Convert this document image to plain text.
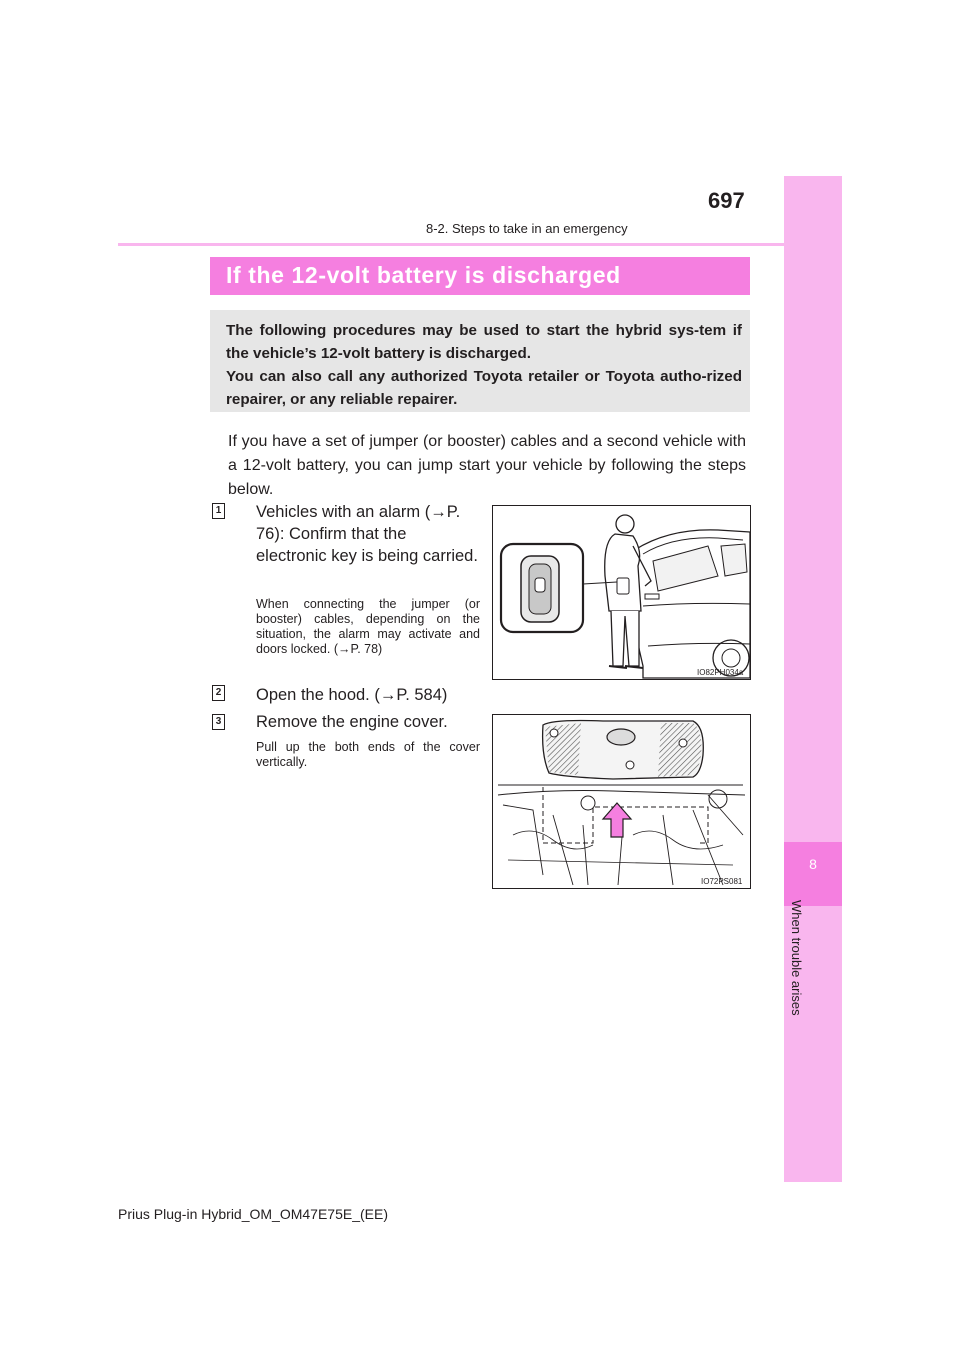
8
When trouble arises
697
8-2. Steps to take in an emergency
If the 12-volt battery is discharged

The following procedures may be used to start the hybrid sys-tem if the vehicle’s 12-volt battery is discharged.

You can also call any authorized Toyota retailer or Toyota autho-rized repairer, or any reliable repairer.

If you have a set of jumper (or booster) cables and a second vehicle with a 12-volt battery, you can jump start your vehicle by following the steps below.
1 Vehicles with an alarm (→P. 76): Confirm that the electronic key is being carried.
When connecting the jumper (or booster) cables, depending on the situation, the alarm may activate and doors locked. (→P. 78)
IO82PH034a
2 Open the hood. (→P. 584)
3 Remove the engine cover.
Pull up the both ends of the cover vertically.
IO72PS081
Prius Plug-in Hybrid_OM_OM47E75E_(EE)
